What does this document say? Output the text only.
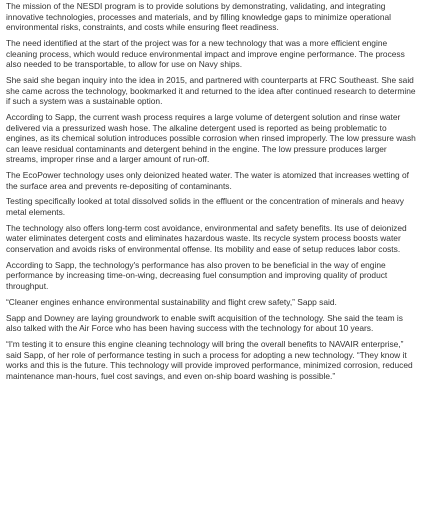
The mission of the NESDI program is to provide solutions by demonstrating, validating, and integrating innovative technologies, processes and materials, and by filling knowledge gaps to minimize operational environmental risks, constraints, and costs while ensuring fleet readiness.

The need identified at the start of the project was for a new technology that was a more efficient engine cleaning process, which would reduce environmental impact and improve engine performance. The process also needed to be transportable, to allow for use on Navy ships.

She said she began inquiry into the idea in 2015, and partnered with counterparts at FRC Southeast. She said she came across the technology, bookmarked it and returned to the idea after continued research to determine if such a system was a sustainable option.

According to Sapp, the current wash process requires a large volume of detergent solution and rinse water delivered via a pressurized wash hose. The alkaline detergent used is reported as being problematic to engines, as its chemical solution introduces possible corrosion when rinsed improperly. The low pressure wash can leave residual contaminants and detergent behind in the engine. The low pressure produces larger streams, improper rinse and a larger amount of run-off.

The EcoPower technology uses only deionized heated water. The water is atomized that increases wetting of the surface area and prevents re-depositing of contaminants.

Testing specifically looked at total dissolved solids in the effluent or the concentration of minerals and heavy metal elements.

The technology also offers long-term cost avoidance, environmental and safety benefits. Its use of deionized water eliminates detergent costs and eliminates hazardous waste. Its recycle system process boosts water conservation and avoids risks of environmental offense. Its mobility and ease of setup reduces labor costs.

According to Sapp, the technology's performance has also proven to be beneficial in the way of engine performance by increasing time-on-wing, decreasing fuel consumption and improving quality of product throughput.

“Cleaner engines enhance environmental sustainability and flight crew safety,” Sapp said.

Sapp and Downey are laying groundwork to enable swift acquisition of the technology. She said the team is also talked with the Air Force who has been having success with the technology for about 10 years.

“I'm testing it to ensure this engine cleaning technology will bring the overall benefits to NAVAIR enterprise,” said Sapp, of her role of performance testing in such a process for adopting a new technology. “They know it works and this is the future. This technology will provide improved performance, minimized corrosion, reduced maintenance man-hours, fuel cost savings, and even on-ship board washing is possible.”
